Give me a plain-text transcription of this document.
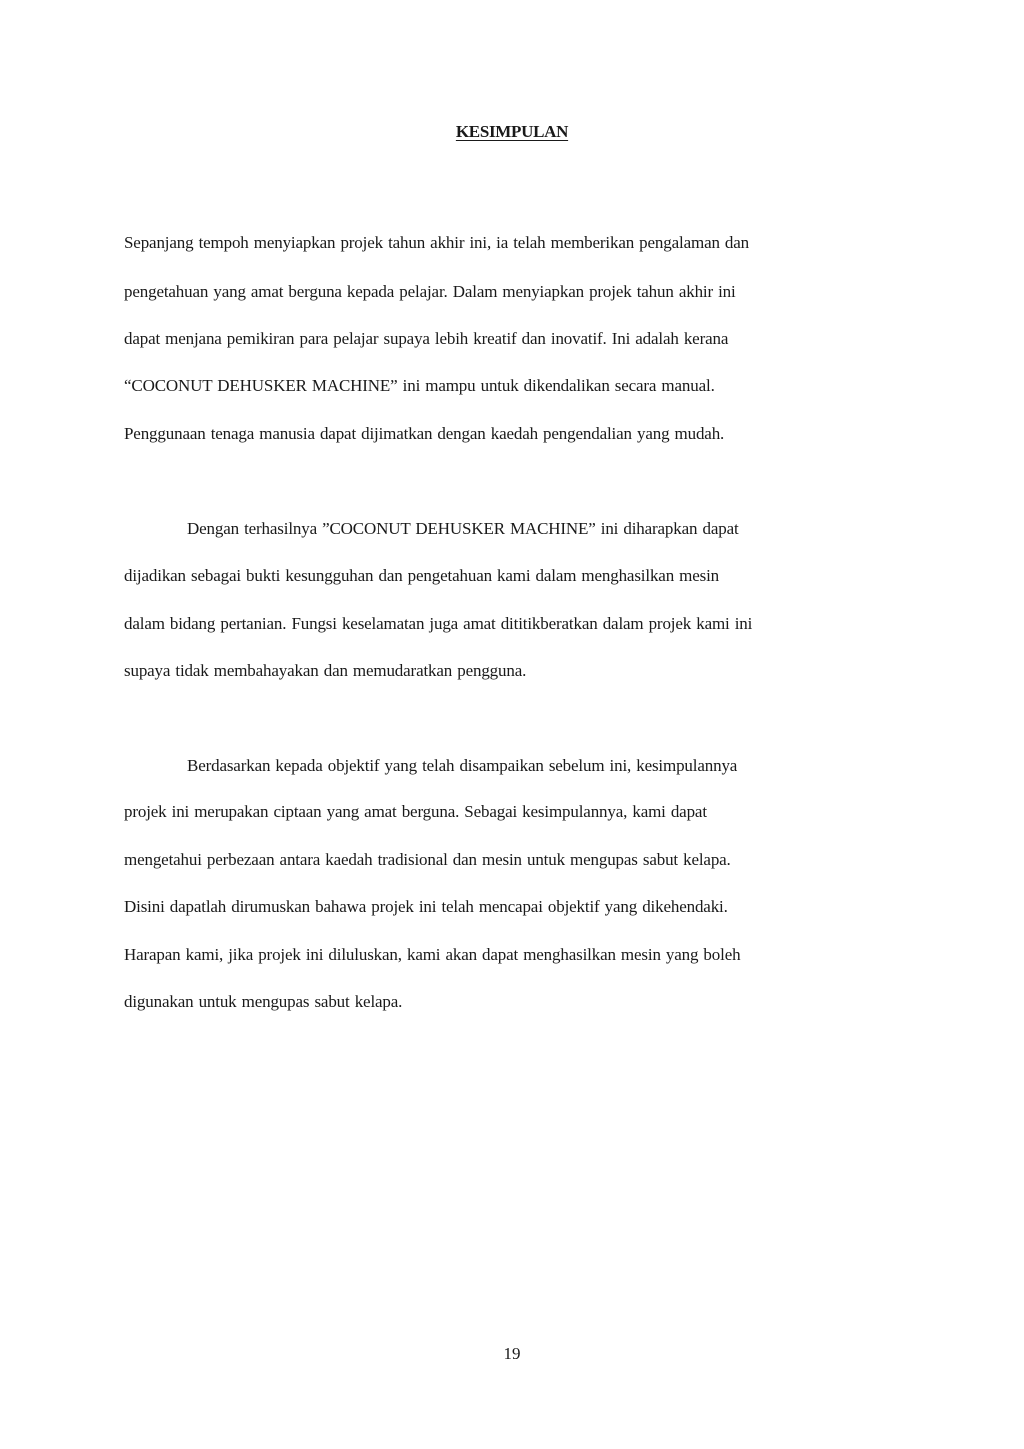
KESIMPULAN
Sepanjang tempoh menyiapkan projek tahun akhir ini, ia telah memberikan pengalaman dan
pengetahuan yang amat berguna kepada pelajar. Dalam menyiapkan projek tahun akhir ini
dapat menjana pemikiran para pelajar supaya lebih kreatif dan inovatif. Ini adalah kerana
“COCONUT DEHUSKER MACHINE” ini mampu untuk dikendalikan secara manual.
Penggunaan tenaga manusia dapat dijimatkan dengan kaedah pengendalian yang mudah.
Dengan terhasilnya ”COCONUT DEHUSKER MACHINE” ini diharapkan dapat
dijadikan sebagai bukti kesungguhan dan pengetahuan kami dalam menghasilkan mesin
dalam bidang pertanian. Fungsi keselamatan juga amat dititikberatkan dalam projek kami ini
supaya tidak membahayakan dan memudaratkan pengguna.
Berdasarkan kepada objektif yang telah disampaikan sebelum ini, kesimpulannya
projek ini merupakan ciptaan yang amat berguna. Sebagai kesimpulannya, kami dapat
mengetahui perbezaan antara kaedah tradisional dan mesin untuk mengupas sabut kelapa.
Disini dapatlah dirumuskan bahawa projek ini telah mencapai objektif yang dikehendaki.
Harapan kami, jika projek ini diluluskan, kami akan dapat menghasilkan mesin yang boleh
digunakan untuk mengupas sabut kelapa.
19
